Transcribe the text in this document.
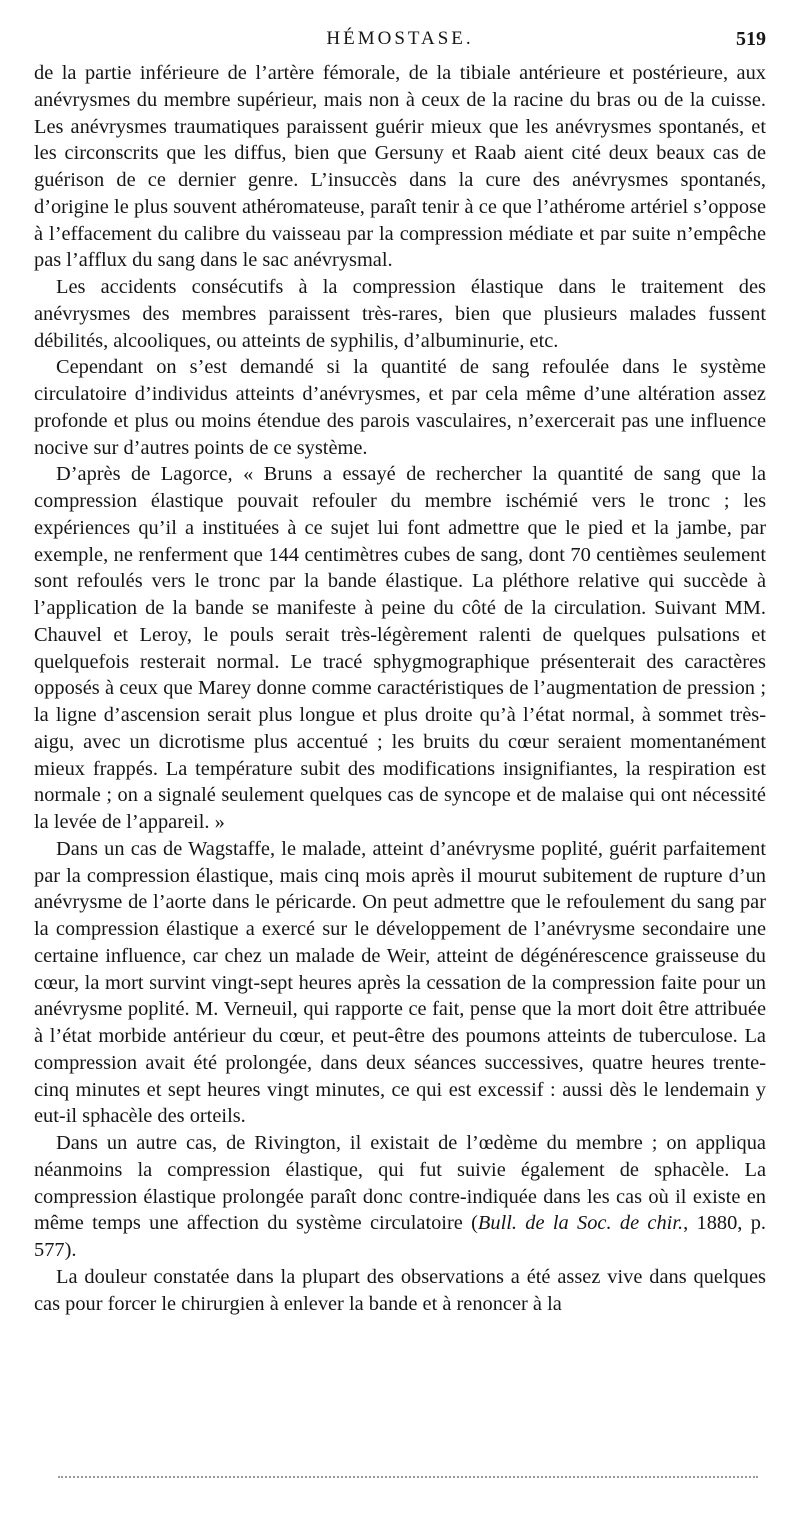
HÉMOSTASE.	519

de la partie inférieure de l’artère fémorale, de la tibiale antérieure et postérieure, aux anévrysmes du membre supérieur, mais non à ceux de la racine du bras ou de la cuisse. Les anévrysmes traumatiques paraissent guérir mieux que les anévrysmes spontanés, et les circonscrits que les diffus, bien que Gersuny et Raab aient cité deux beaux cas de guérison de ce dernier genre. L’insuccès dans la cure des anévrysmes spontanés, d’origine le plus souvent athéromateuse, paraît tenir à ce que l’athérome artériel s’oppose à l’effacement du calibre du vaisseau par la compression médiate et par suite n’empêche pas l’afflux du sang dans le sac anévrysmal.

Les accidents consécutifs à la compression élastique dans le traitement des anévrysmes des membres paraissent très-rares, bien que plusieurs malades fussent débilités, alcooliques, ou atteints de syphilis, d’albuminurie, etc.

Cependant on s’est demandé si la quantité de sang refoulée dans le système circulatoire d’individus atteints d’anévrysmes, et par cela même d’une altération assez profonde et plus ou moins étendue des parois vasculaires, n’exercerait pas une influence nocive sur d’autres points de ce système.

D’après de Lagorce, « Bruns a essayé de rechercher la quantité de sang que la compression élastique pouvait refouler du membre ischémié vers le tronc ; les expériences qu’il a instituées à ce sujet lui font admettre que le pied et la jambe, par exemple, ne renferment que 144 centimètres cubes de sang, dont 70 centièmes seulement sont refoulés vers le tronc par la bande élastique. La pléthore relative qui succède à l’application de la bande se manifeste à peine du côté de la circulation. Suivant MM. Chauvel et Leroy, le pouls serait très-légèrement ralenti de quelques pulsations et quelquefois resterait normal. Le tracé sphygmographique présenterait des caractères opposés à ceux que Marey donne comme caractéristiques de l’augmentation de pression ; la ligne d’ascension serait plus longue et plus droite qu’à l’état normal, à sommet très-aigu, avec un dicrotisme plus accentué ; les bruits du cœur seraient momentanément mieux frappés. La température subit des modifications insignifiantes, la respiration est normale ; on a signalé seulement quelques cas de syncope et de malaise qui ont nécessité la levée de l’appareil. »

Dans un cas de Wagstaffe, le malade, atteint d’anévrysme poplité, guérit parfaitement par la compression élastique, mais cinq mois après il mourut subitement de rupture d’un anévrysme de l’aorte dans le péricarde. On peut admettre que le refoulement du sang par la compression élastique a exercé sur le développement de l’anévrysme secondaire une certaine influence, car chez un malade de Weir, atteint de dégénérescence graisseuse du cœur, la mort survint vingt-sept heures après la cessation de la compression faite pour un anévrysme poplité. M. Verneuil, qui rapporte ce fait, pense que la mort doit être attribuée à l’état morbide antérieur du cœur, et peut-être des poumons atteints de tuberculose. La compression avait été prolongée, dans deux séances successives, quatre heures trente-cinq minutes et sept heures vingt minutes, ce qui est excessif : aussi dès le lendemain y eut-il sphacèle des orteils.

Dans un autre cas, de Rivington, il existait de l’œdème du membre ; on appliqua néanmoins la compression élastique, qui fut suivie également de sphacèle. La compression élastique prolongée paraît donc contre-indiquée dans les cas où il existe en même temps une affection du système circulatoire (Bull. de la Soc. de chir., 1880, p. 577).

La douleur constatée dans la plupart des observations a été assez vive dans quelques cas pour forcer le chirurgien à enlever la bande et à renoncer à la
